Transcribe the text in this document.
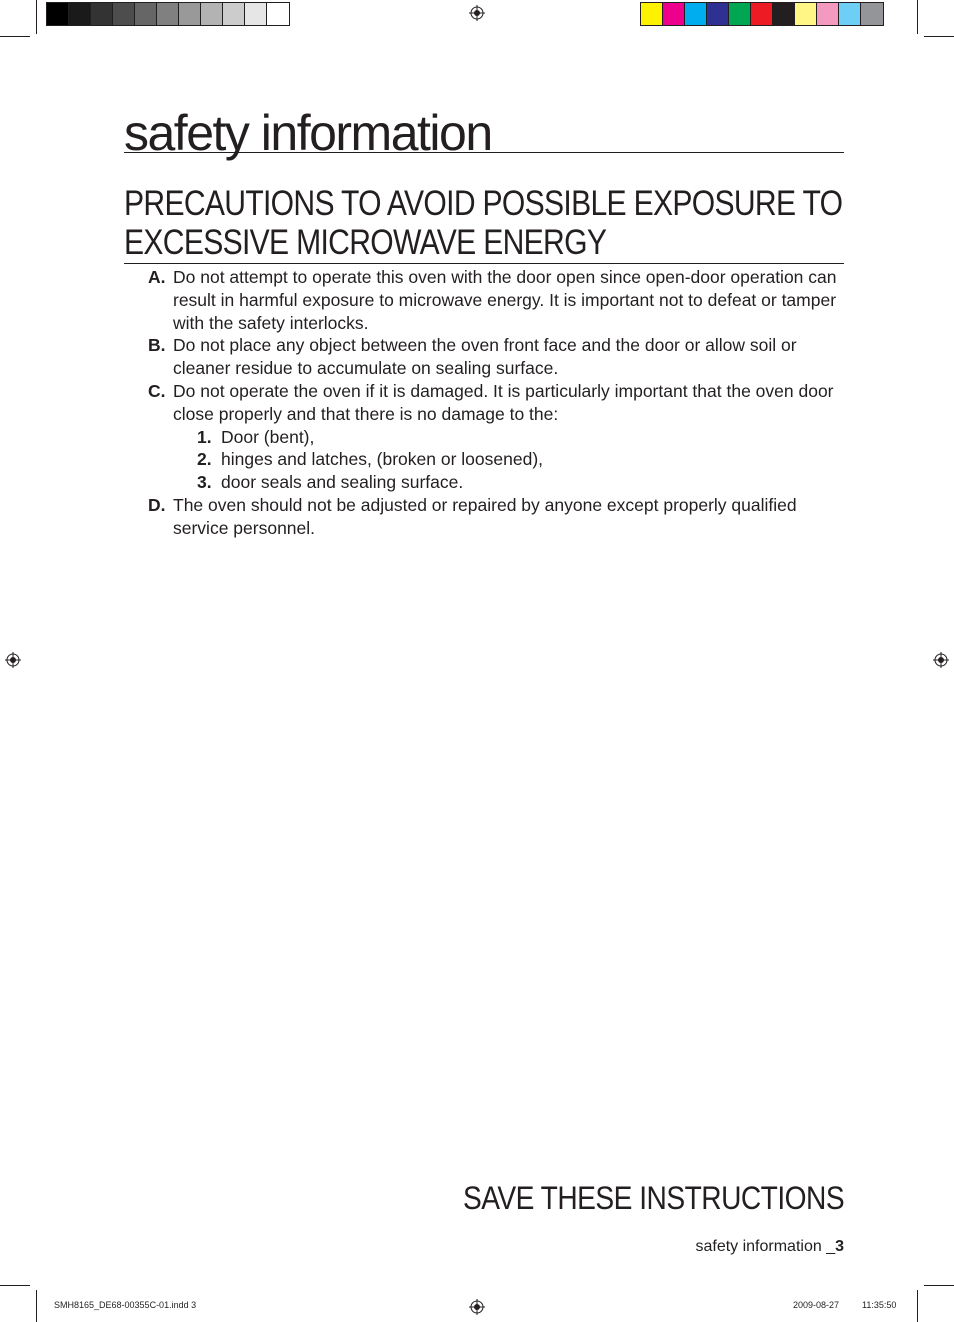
safety information
PRECAUTIONS TO AVOID POSSIBLE EXPOSURE TO
EXCESSIVE MICROWAVE ENERGY
A. Do not attempt to operate this oven with the door open since open-door operation can result in harmful exposure to microwave energy. It is important not to defeat or tamper with the safety interlocks.
B. Do not place any object between the oven front face and the door or allow soil or cleaner residue to accumulate on sealing surface.
C. Do not operate the oven if it is damaged. It is particularly important that the oven door close properly and that there is no damage to the:
1. Door (bent),
2. hinges and latches, (broken or loosened),
3. door seals and sealing surface.
D. The oven should not be adjusted or repaired by anyone except properly qualified service personnel.
SAVE THESE INSTRUCTIONS
safety information _3
SMH8165_DE68-00355C-01.indd 3	2009-08-27	11:35:50
